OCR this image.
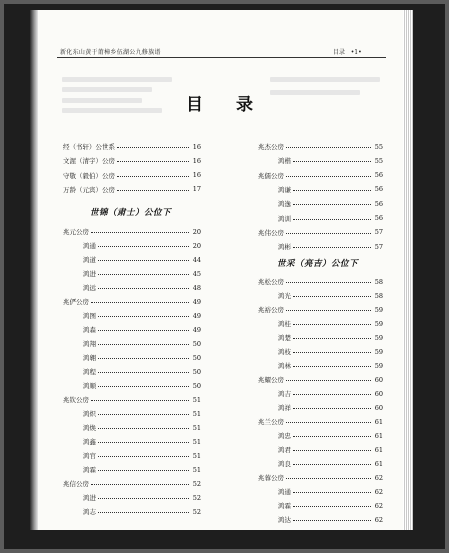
新化东山黄于莆樟乡伍湖公九修族谱	目录 •1•
目 录
经（书轩）公世系	16
文渥（清宇）公房	16
守敬（毅伯）公房	16
万龄（元宾）公房	17
兆元公房	20
鸿通	20
鸿道	44
鸿进	45
鸿远	48
兆俨公房	49
鸿图	49
鸿森	49
鸿翔	50
鸿翱	50
鸿程	50
鸿顺	50
兆钦公房	51
鸿炽	51
鸿焕	51
鸿鑫	51
鸿官	51
鸿霖	51
兆信公房	52
鸿进	52
鸿志	52
兆杰公房	55
鸿楷	55
兆儒公房	56
鸿谦	56
鸿逸	56
鸿训	56
兆伟公房	57
鸿彬	57
兆松公房	58
鸿光	58
兆裕公房	59
鸿桂	59
鸿楚	59
鸿枝	59
鸿林	59
兆耀公房	60
鸿吉	60
鸿祥	60
兆兰公房	61
鸿忠	61
鸿君	61
鸿良	61
兆蓉公房	62
鸿通	62
鸿霖	62
鸿达	62
世锦（肃士）公位下
世采（亮吉）公位下
